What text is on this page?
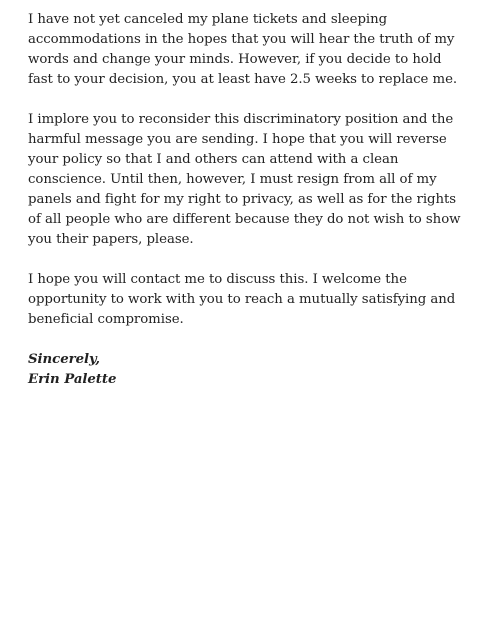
I have not yet canceled my plane tickets and sleeping accommodations in the hopes that you will hear the truth of my words and change your minds. However, if you decide to hold fast to your decision, you at least have 2.5 weeks to replace me.

I implore you to reconsider this discriminatory position and the harmful message you are sending. I hope that you will reverse your policy so that I and others can attend with a clean conscience. Until then, however, I must resign from all of my panels and fight for my right to privacy, as well as for the rights of all people who are different because they do not wish to show you their papers, please.

I hope you will contact me to discuss this. I welcome the opportunity to work with you to reach a mutually satisfying and beneficial compromise.

Sincerely,

Erin Palette
